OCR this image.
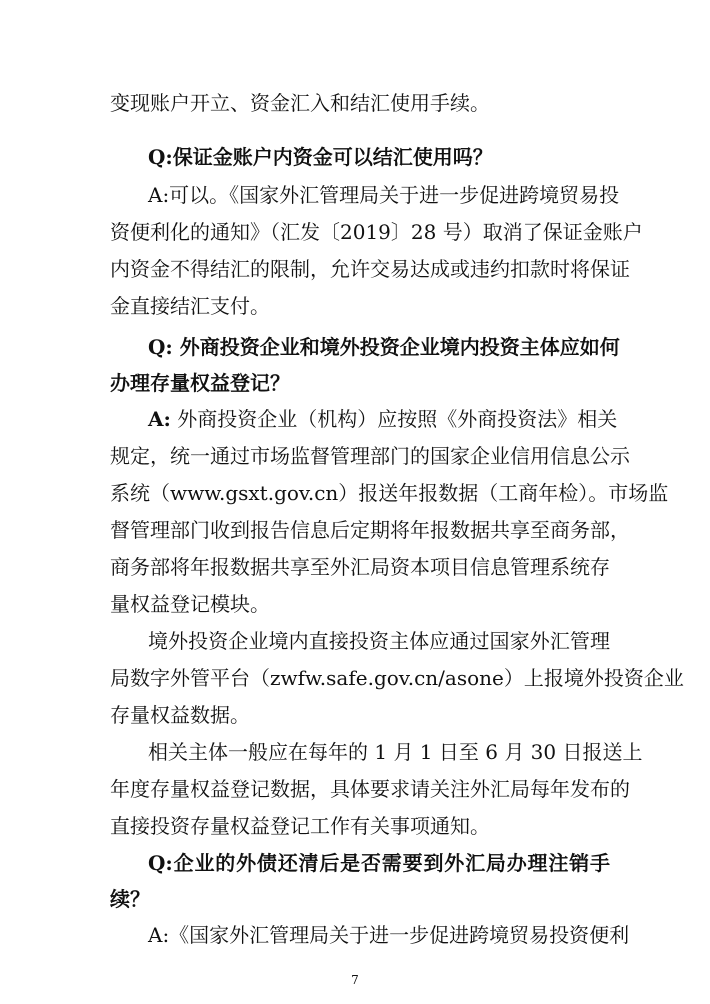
变现账户开立、资金汇入和结汇使用手续。
Q:保证金账户内资金可以结汇使用吗？
A:可以。《国家外汇管理局关于进一步促进跨境贸易投
资便利化的通知》（汇发〔2019〕28 号）取消了保证金账户
内资金不得结汇的限制，允许交易达成或违约扣款时将保证
金直接结汇支付。
Q: 外商投资企业和境外投资企业境内投资主体应如何
办理存量权益登记？
A: 外商投资企业（机构）应按照《外商投资法》相关
规定，统一通过市场监督管理部门的国家企业信用信息公示
系统（www.gsxt.gov.cn）报送年报数据（工商年检）。市场监
督管理部门收到报告信息后定期将年报数据共享至商务部，
商务部将年报数据共享至外汇局资本项目信息管理系统存
量权益登记模块。
境外投资企业境内直接投资主体应通过国家外汇管理
局数字外管平台（zwfw.safe.gov.cn/asone）上报境外投资企业
存量权益数据。
相关主体一般应在每年的 1 月 1 日至 6 月 30 日报送上
年度存量权益登记数据，具体要求请关注外汇局每年发布的
直接投资存量权益登记工作有关事项通知。
Q:企业的外债还清后是否需要到外汇局办理注销手
续？
A:《国家外汇管理局关于进一步促进跨境贸易投资便利
7
